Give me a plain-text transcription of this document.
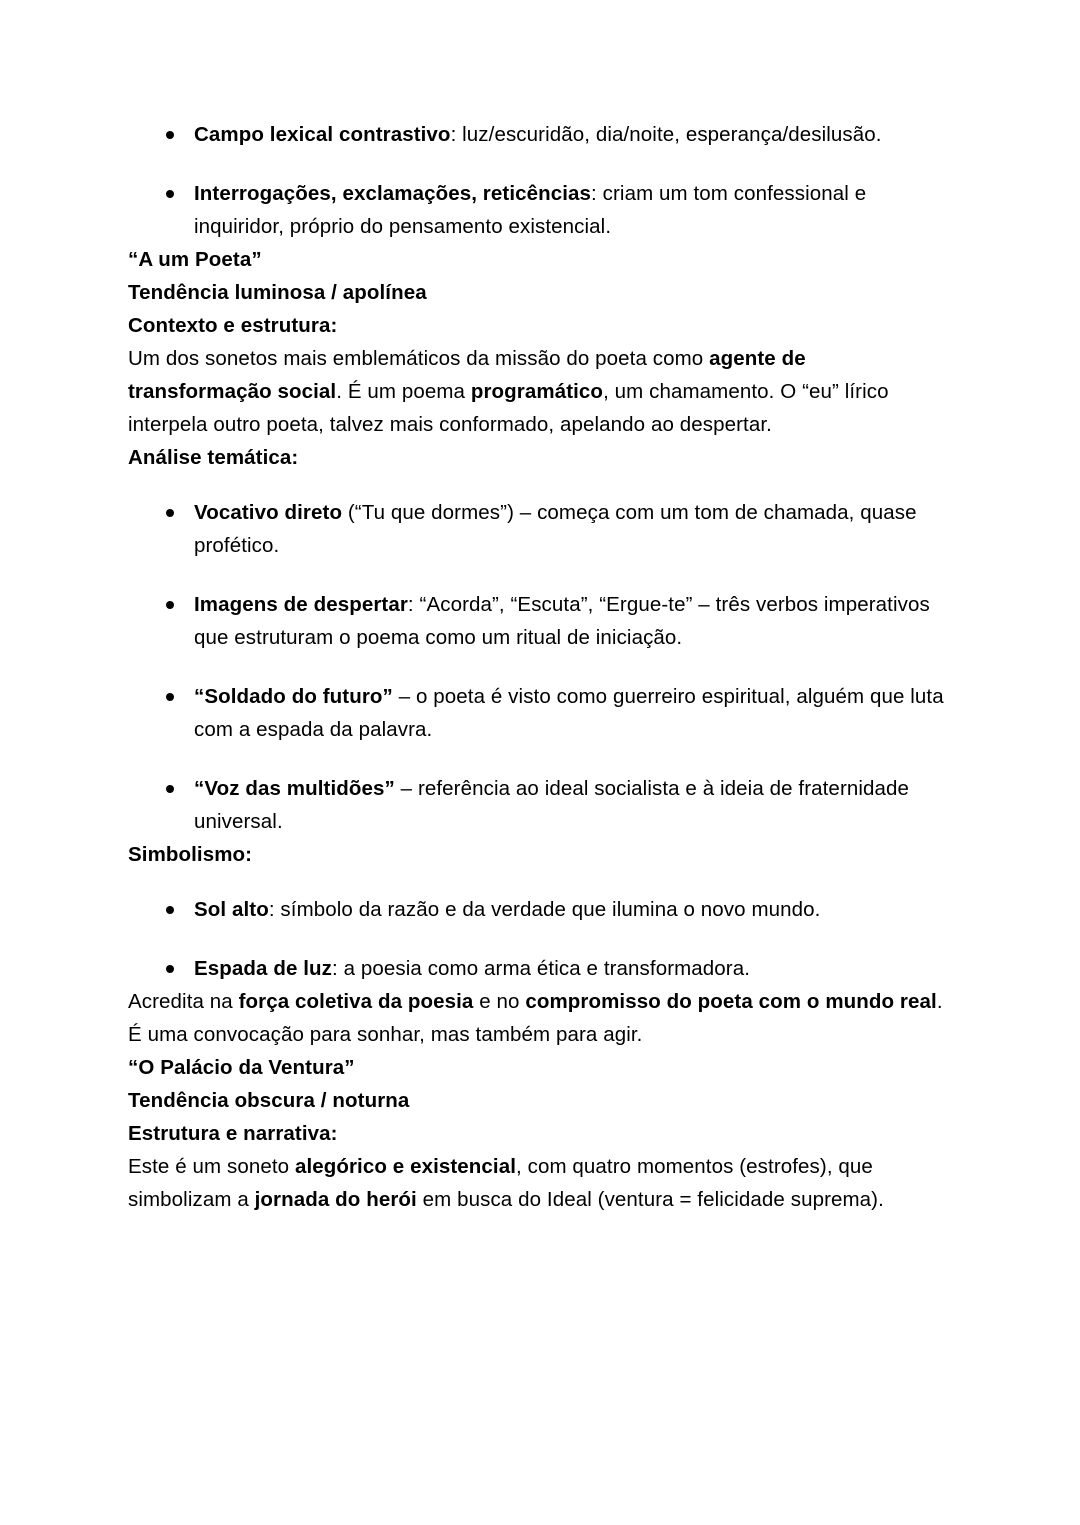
Campo lexical contrastivo: luz/escuridão, dia/noite, esperança/desilusão.
Interrogações, exclamações, reticências: criam um tom confessional e inquiridor, próprio do pensamento existencial.

“A um Poeta”

Tendência luminosa / apolínea

Contexto e estrutura:

Um dos sonetos mais emblemáticos da missão do poeta como agente de transformação social. É um poema programático, um chamamento. O “eu” lírico interpela outro poeta, talvez mais conformado, apelando ao despertar.

Análise temática:

Vocativo direto (“Tu que dormes”) – começa com um tom de chamada, quase profético.
Imagens de despertar: “Acorda”, “Escuta”, “Ergue-te” – três verbos imperativos que estruturam o poema como um ritual de iniciação.
“Soldado do futuro” – o poeta é visto como guerreiro espiritual, alguém que luta com a espada da palavra.
“Voz das multidões” – referência ao ideal socialista e à ideia de fraternidade universal.

Simbolismo:

Sol alto: símbolo da razão e da verdade que ilumina o novo mundo.
Espada de luz: a poesia como arma ética e transformadora.

Acredita na força coletiva da poesia e no compromisso do poeta com o mundo real. É uma convocação para sonhar, mas também para agir.

“O Palácio da Ventura”

Tendência obscura / noturna

Estrutura e narrativa:

Este é um soneto alegórico e existencial, com quatro momentos (estrofes), que simbolizam a jornada do herói em busca do Ideal (ventura = felicidade suprema).
